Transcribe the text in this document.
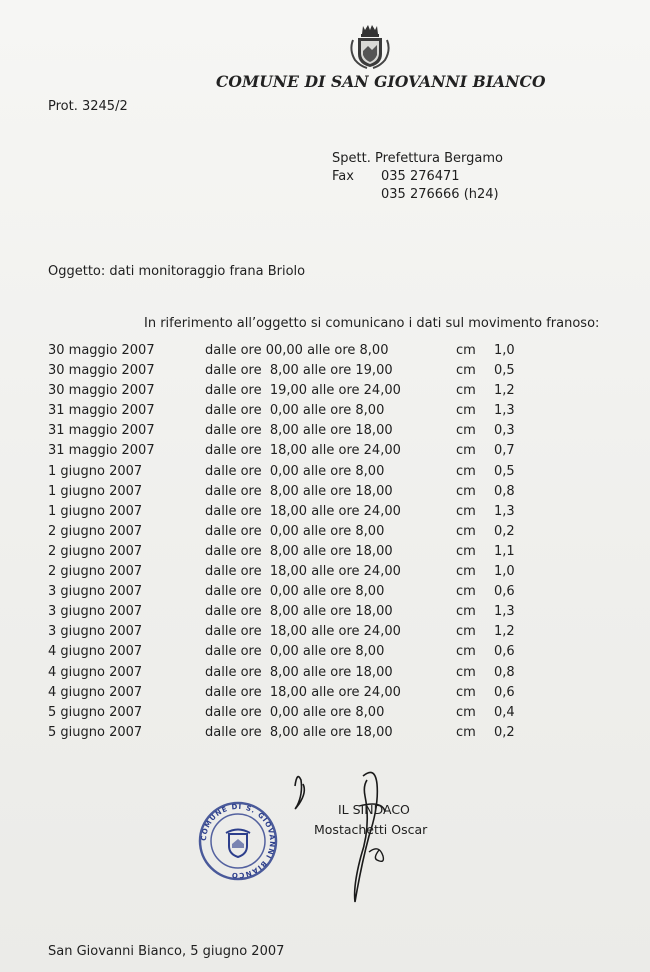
COMUNE DI SAN GIOVANNI BIANCO
Prot. 3245/2
Spett. Prefettura Bergamo
Fax	035 276471
035 276666 (h24)
Oggetto: dati monitoraggio frana Briolo
In riferimento all’oggetto si comunicano i dati sul movimento franoso:
30 maggio 2007	dalle ore 00,00 alle ore 8,00	cm 1,0
30 maggio 2007	dalle ore  8,00 alle ore 19,00	cm 0,5
30 maggio 2007	dalle ore  19,00 alle ore 24,00	cm 1,2
31 maggio 2007	dalle ore  0,00 alle ore 8,00	cm 1,3
31 maggio 2007	dalle ore  8,00 alle ore 18,00	cm 0,3
31 maggio 2007	dalle ore  18,00 alle ore 24,00	cm 0,7
1 giugno 2007	dalle ore  0,00 alle ore 8,00	cm 0,5
1 giugno 2007	dalle ore  8,00 alle ore 18,00	cm 0,8
1 giugno 2007	dalle ore  18,00 alle ore 24,00	cm 1,3
2 giugno 2007	dalle ore  0,00 alle ore 8,00	cm 0,2
2 giugno 2007	dalle ore  8,00 alle ore 18,00	cm 1,1
2 giugno 2007	dalle ore  18,00 alle ore 24,00	cm 1,0
3 giugno 2007	dalle ore  0,00 alle ore 8,00	cm 0,6
3 giugno 2007	dalle ore  8,00 alle ore 18,00	cm 1,3
3 giugno 2007	dalle ore  18,00 alle ore 24,00	cm 1,2
4 giugno 2007	dalle ore  0,00 alle ore 8,00	cm 0,6
4 giugno 2007	dalle ore  8,00 alle ore 18,00	cm 0,8
4 giugno 2007	dalle ore  18,00 alle ore 24,00	cm 0,6
5 giugno 2007	dalle ore  0,00 alle ore 8,00	cm 0,4
5 giugno 2007	dalle ore  8,00 alle ore 18,00	cm 0,2
COMUNE DI S. GIOVANNI BIANCO
IL SINDACO
Mostachetti Oscar
San Giovanni Bianco, 5 giugno 2007
